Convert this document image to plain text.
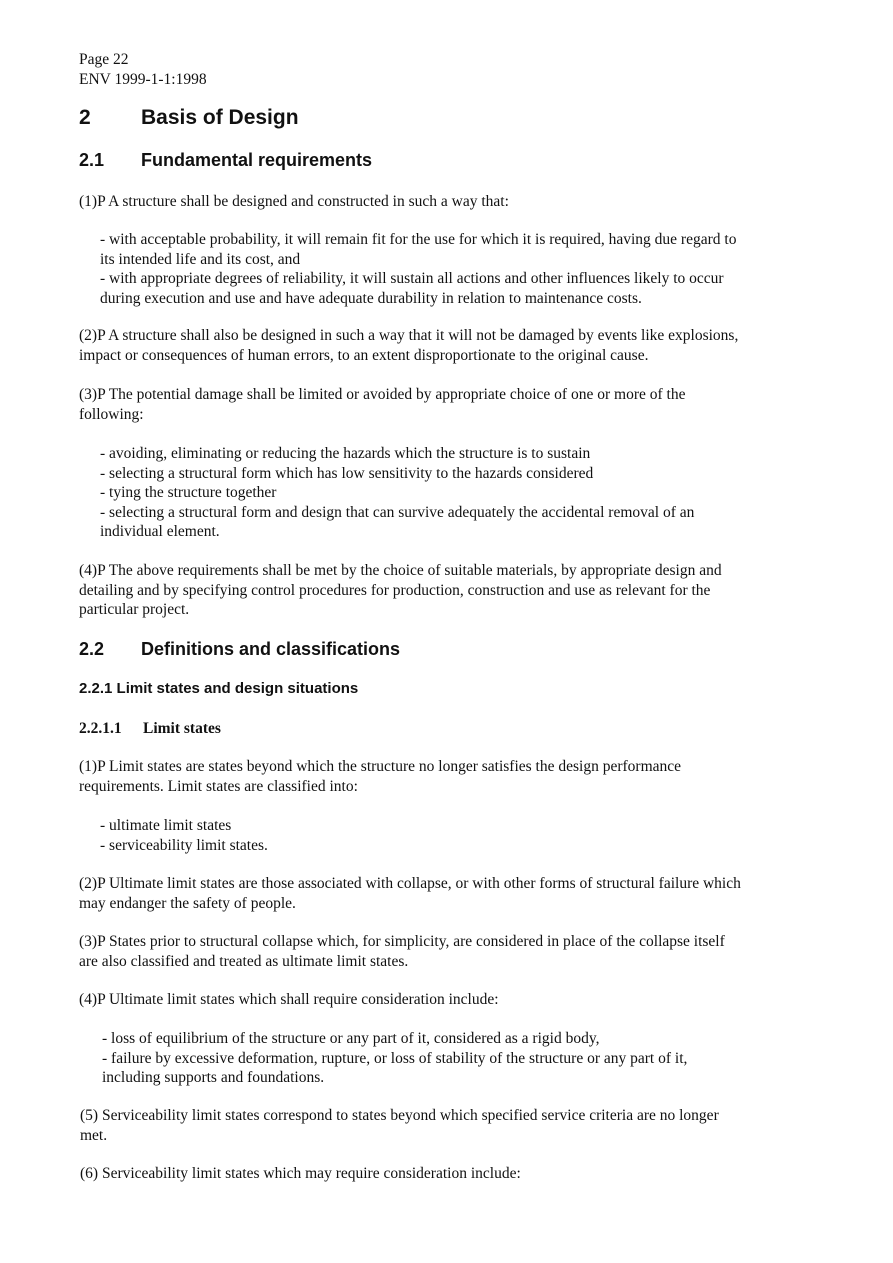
Page 22
ENV 1999-1-1:1998
2 Basis of Design
2.1 Fundamental requirements

(1)P A structure shall be designed and constructed in such a way that:

- with acceptable probability, it will remain fit for the use for which it is required, having due regard to

its intended life and its cost, and

- with appropriate degrees of reliability, it will sustain all actions and other influences likely to occur

during execution and use and have adequate durability in relation to maintenance costs.

(2)P A structure shall also be designed in such a way that it will not be damaged by events like explosions,

impact or consequences of human errors, to an extent disproportionate to the original cause.

(3)P The potential damage shall be limited or avoided by appropriate choice of one or more of the

following:

- avoiding, eliminating or reducing the hazards which the structure is to sustain

- selecting a structural form which has low sensitivity to the hazards considered

- tying the structure together

- selecting a structural form and design that can survive adequately the accidental removal of an

individual element.

(4)P The above requirements shall be met by the choice of suitable materials, by appropriate design and

detailing and by specifying control procedures for production, construction and use as relevant for the

particular project.

2.2 Definitions and classifications
2.2.1 Limit states and design situations
2.2.1.1 Limit states

(1)P Limit states are states beyond which the structure no longer satisfies the design performance

requirements. Limit states are classified into:

- ultimate limit states

- serviceability limit states.

(2)P Ultimate limit states are those associated with collapse, or with other forms of structural failure which

may endanger the safety of people.

(3)P States prior to structural collapse which, for simplicity, are considered in place of the collapse itself

are also classified and treated as ultimate limit states.

(4)P Ultimate limit states which shall require consideration include:

- loss of equilibrium of the structure or any part of it, considered as a rigid body,

- failure by excessive deformation, rupture, or loss of stability of the structure or any part of it,

including supports and foundations.

(5) Serviceability limit states correspond to states beyond which specified service criteria are no longer

met.

(6) Serviceability limit states which may require consideration include:
